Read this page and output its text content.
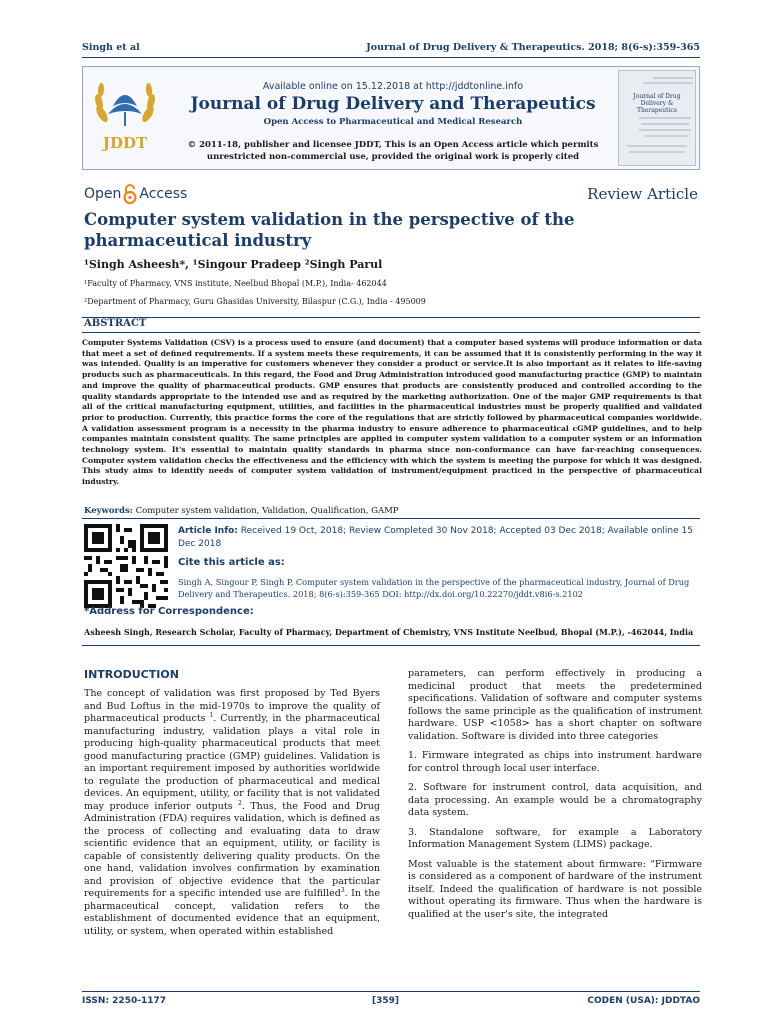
Singh et al	Journal of Drug Delivery & Therapeutics. 2018; 8(6-s):359-365
JDDT
Available online on 15.12.2018 at http://jddtonline.info
Journal of Drug Delivery and Therapeutics
Open Access to Pharmaceutical and Medical Research
© 2011-18, publisher and licensee JDDT, This is an Open Access article which permits
unrestricted non-commercial use, provided the original work is properly cited
Journal of Drug Delivery & Therapeutics
Open Access	Review Article
Computer system validation in the perspective of the pharmaceutical industry
¹Singh Asheesh*, ¹Singour Pradeep ²Singh Parul
¹Faculty of Pharmacy, VNS institute, Neelbud Bhopal (M.P.), India- 462044
²Department of Pharmacy, Guru Ghasidas University, Bilaspur (C.G.), India - 495009
ABSTRACT
Computer Systems Validation (CSV) is a process used to ensure (and document) that a computer based systems will produce information or data that meet a set of defined requirements. If a system meets these requirements, it can be assumed that it is consistently performing in the way it was intended. Quality is an imperative for customers whenever they consider a product or service.It is also important as it relates to life-saving products such as pharmaceuticals. In this regard, the Food and Drug Administration introduced good manufacturing practice (GMP) to maintain and improve the quality of pharmaceutical products. GMP ensures that products are consistently produced and controlled according to the quality standards appropriate to the intended use and as required by the marketing authorization. One of the major GMP requirements is that all of the critical manufacturing equipment, utilities, and facilities in the pharmaceutical industries must be properly qualified and validated prior to production. Currently, this practice forms the core of the regulations that are strictly followed by pharmaceutical companies worldwide. A validation assessment program is a necessity in the pharma industry to ensure adherence to pharmaceutical cGMP guidelines, and to help companies maintain consistent quality. The same principles are applied in computer system validation to a computer system or an information technology system. It's essential to maintain quality standards in pharma since non-conformance can have far-reaching consequences. Computer system validation checks the effectiveness and the efficiency with which the system is meeting the purpose for which it was designed. This study aims to identify needs of computer system validation of instrument/equipment practiced in the perspective of pharmaceutical industry.
Keywords: Computer system validation, Validation, Qualification, GAMP
Article Info: Received 19 Oct, 2018; Review Completed 30 Nov 2018; Accepted 03 Dec 2018; Available online 15 Dec 2018
Cite this article as:
Singh A, Singour P, Singh P, Computer system validation in the perspective of the pharmaceutical industry, Journal of Drug Delivery and Therapeutics. 2018; 8(6-s):359-365 DOI: http://dx.doi.org/10.22270/jddt.v8i6-s.2102
*Address for Correspondence:
Asheesh Singh, Research Scholar, Faculty of Pharmacy, Department of Chemistry, VNS Institute Neelbud, Bhopal (M.P.), -462044, India
INTRODUCTION

The concept of validation was first proposed by Ted Byers and Bud Loftus in the mid-1970s to improve the quality of pharmaceutical products $^1$. Currently, in the pharmaceutical manufacturing industry, validation plays a vital role in producing high-quality pharmaceutical products that meet good manufacturing practice (GMP) guidelines. Validation is an important requirement imposed by authorities worldwide to regulate the production of pharmaceutical and medical devices. An equipment, utility, or facility that is not validated may produce inferior outputs $^2$. Thus, the Food and Drug Administration (FDA) requires validation, which is defined as the process of collecting and evaluating data to draw scientific evidence that an equipment, utility, or facility is capable of consistently delivering quality products. On the one hand, validation involves confirmation by examination and provision of objective evidence that the particular requirements for a specific intended use are fulfilled$^3$. In the pharmaceutical concept, validation refers to the establishment of documented evidence that an equipment, utility, or system, when operated within established

parameters, can perform effectively in producing a medicinal product that meets the predetermined specifications. Validation of software and computer systems follows the same principle as the qualification of instrument hardware. USP <1058> has a short chapter on software validation. Software is divided into three categories

1. Firmware integrated as chips into instrument hardware for control through local user interface.

2. Software for instrument control, data acquisition, and data processing. An example would be a chromatography data system.

3. Standalone software, for example a Laboratory Information Management System (LIMS) package.

Most valuable is the statement about firmware: "Firmware is considered as a component of hardware of the instrument itself. Indeed the qualification of hardware is not possible without operating its firmware. Thus when the hardware is qualified at the user's site, the integrated

ISSN: 2250-1177	[359]	CODEN (USA): JDDTAO
